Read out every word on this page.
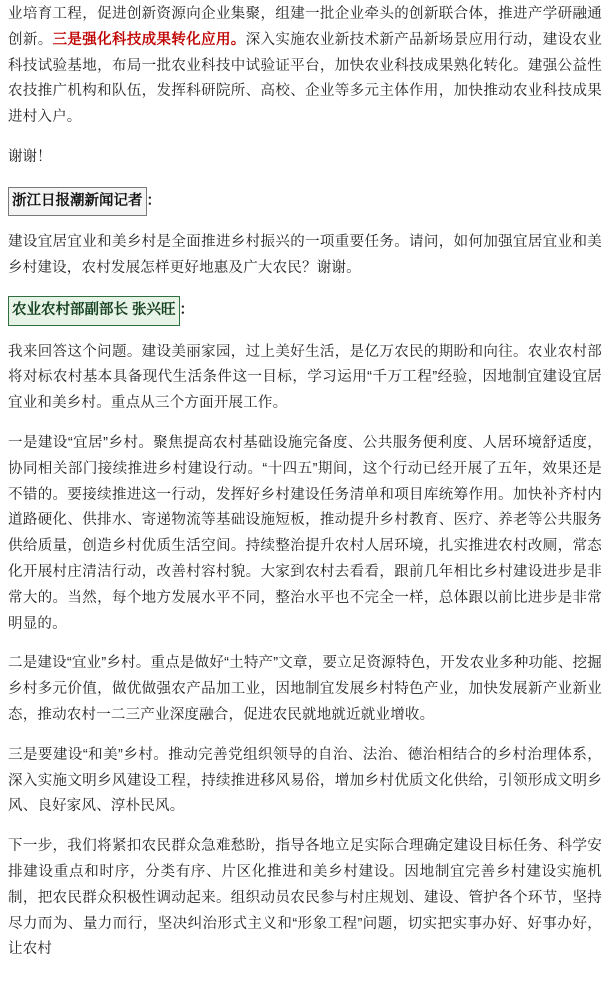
业培育工程，促进创新资源向企业集聚，组建一批企业牵头的创新联合体，推进产学研融通创新。三是强化科技成果转化应用。深入实施农业新技术新产品新场景应用行动，建设农业科技试验基地，布局一批农业科技中试验证平台，加快农业科技成果熟化转化。建强公益性农技推广机构和队伍，发挥科研院所、高校、企业等多元主体作用，加快推动农业科技成果进村入户。

谢谢！

浙江日报潮新闻记者 ：

建设宜居宜业和美乡村是全面推进乡村振兴的一项重要任务。请问，如何加强宜居宜业和美乡村建设，农村发展怎样更好地惠及广大农民？谢谢。

农业农村部副部长 张兴旺 ：

我来回答这个问题。建设美丽家园，过上美好生活，是亿万农民的期盼和向往。农业农村部将对标农村基本具备现代生活条件这一目标，学习运用“千万工程”经验，因地制宜建设宜居宜业和美乡村。重点从三个方面开展工作。

一是建设“宜居”乡村。聚焦提高农村基础设施完备度、公共服务便利度、人居环境舒适度，协同相关部门接续推进乡村建设行动。“十四五”期间，这个行动已经开展了五年，效果还是不错的。要接续推进这一行动，发挥好乡村建设任务清单和项目库统筹作用。加快补齐村内道路硬化、供排水、寄递物流等基础设施短板，推动提升乡村教育、医疗、养老等公共服务供给质量，创造乡村优质生活空间。持续整治提升农村人居环境，扎实推进农村改厕，常态化开展村庄清洁行动，改善村容村貌。大家到农村去看看，跟前几年相比乡村建设进步是非常大的。当然，每个地方发展水平不同，整治水平也不完全一样，总体跟以前比进步是非常明显的。

二是建设“宜业”乡村。重点是做好“土特产”文章，要立足资源特色，开发农业多种功能、挖掘乡村多元价值，做优做强农产品加工业，因地制宜发展乡村特色产业，加快发展新产业新业态，推动农村一二三产业深度融合，促进农民就地就近就业增收。

三是要建设“和美”乡村。推动完善党组织领导的自治、法治、德治相结合的乡村治理体系，深入实施文明乡风建设工程，持续推进移风易俗，增加乡村优质文化供给，引领形成文明乡风、良好家风、淳朴民风。

下一步，我们将紧扣农民群众急难愁盼，指导各地立足实际合理确定建设目标任务、科学安排建设重点和时序，分类有序、片区化推进和美乡村建设。因地制宜完善乡村建设实施机制，把农民群众积极性调动起来。组织动员农民参与村庄规划、建设、管护各个环节，坚持尽力而为、量力而行，坚决纠治形式主义和“形象工程”问题，切实把实事办好、好事办好，让农村
